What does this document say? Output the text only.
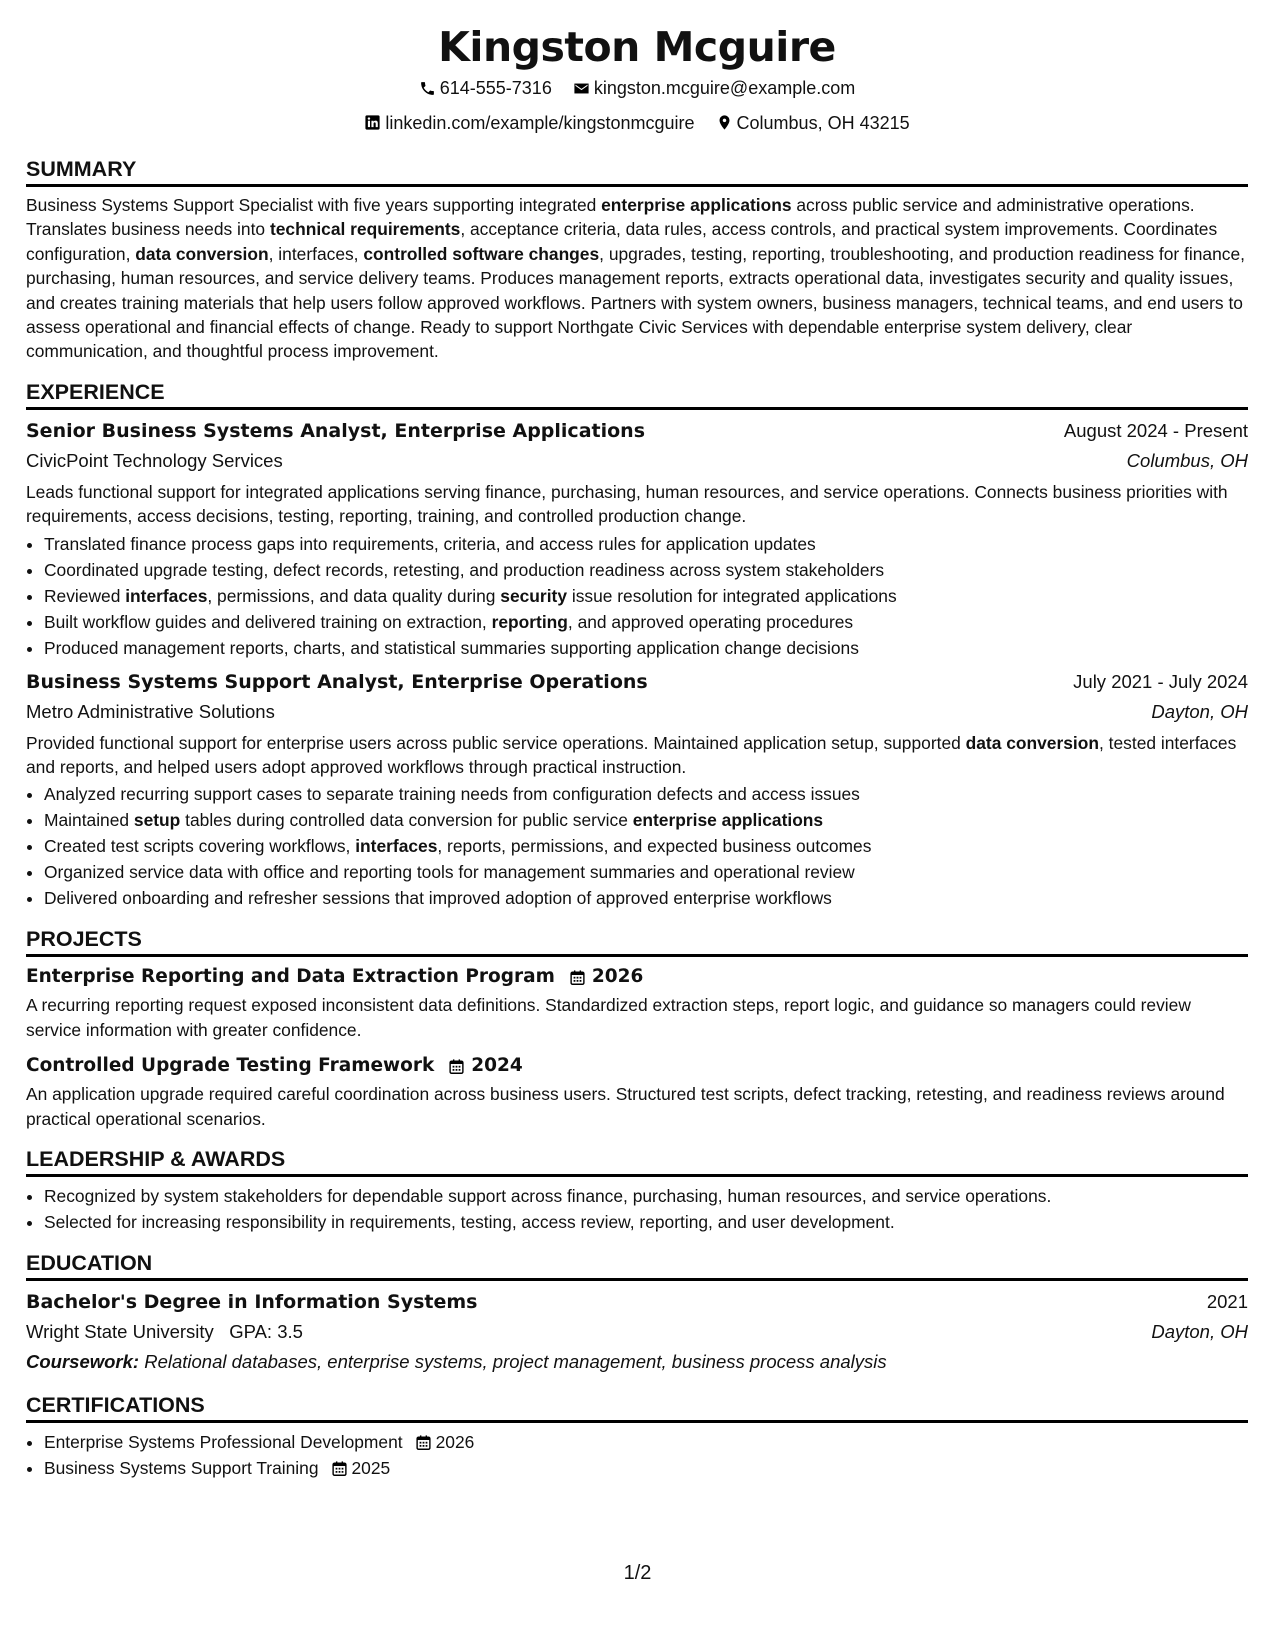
Kingston Mcguire
614-555-7316
kingston.mcguire@example.com
linkedin.com/example/kingstonmcguire
Columbus, OH 43215
SUMMARY

Business Systems Support Specialist with five years supporting integrated enterprise applications across public service and administrative operations. Translates business needs into technical requirements, acceptance criteria, data rules, access controls, and practical system improvements. Coordinates configuration, data conversion, interfaces, controlled software changes, upgrades, testing, reporting, troubleshooting, and production readiness for finance, purchasing, human resources, and service delivery teams. Produces management reports, extracts operational data, investigates security and quality issues, and creates training materials that help users follow approved workflows. Partners with system owners, business managers, technical teams, and end users to assess operational and financial effects of change. Ready to support Northgate Civic Services with dependable enterprise system delivery, clear communication, and thoughtful process improvement.

EXPERIENCE
Senior Business Systems Analyst, Enterprise Applications	August 2024 - Present
CivicPoint Technology Services	Columbus, OH

Leads functional support for integrated applications serving finance, purchasing, human resources, and service operations. Connects business priorities with requirements, access decisions, testing, reporting, training, and controlled production change.

• Translated finance process gaps into requirements, criteria, and access rules for application updates
• Coordinated upgrade testing, defect records, retesting, and production readiness across system stakeholders
• Reviewed interfaces, permissions, and data quality during security issue resolution for integrated applications
• Built workflow guides and delivered training on extraction, reporting, and approved operating procedures
• Produced management reports, charts, and statistical summaries supporting application change decisions
Business Systems Support Analyst, Enterprise Operations	July 2021 - July 2024
Metro Administrative Solutions	Dayton, OH

Provided functional support for enterprise users across public service operations. Maintained application setup, supported data conversion, tested interfaces and reports, and helped users adopt approved workflows through practical instruction.

• Analyzed recurring support cases to separate training needs from configuration defects and access issues
• Maintained setup tables during controlled data conversion for public service enterprise applications
• Created test scripts covering workflows, interfaces, reports, permissions, and expected business outcomes
• Organized service data with office and reporting tools for management summaries and operational review
• Delivered onboarding and refresher sessions that improved adoption of approved enterprise workflows
PROJECTS
Enterprise Reporting and Data Extraction Program 2026

A recurring reporting request exposed inconsistent data definitions. Standardized extraction steps, report logic, and guidance so managers could review service information with greater confidence.

Controlled Upgrade Testing Framework 2024

An application upgrade required careful coordination across business users. Structured test scripts, defect tracking, retesting, and readiness reviews around practical operational scenarios.

LEADERSHIP & AWARDS
• Recognized by system stakeholders for dependable support across finance, purchasing, human resources, and service operations.
• Selected for increasing responsibility in requirements, testing, access review, reporting, and user development.
EDUCATION
Bachelor's Degree in Information Systems	2021
Wright State University GPA: 3.5	Dayton, OH
Coursework: Relational databases, enterprise systems, project management, business process analysis
CERTIFICATIONS
• Enterprise Systems Professional Development 2026
• Business Systems Support Training 2025
1/2
